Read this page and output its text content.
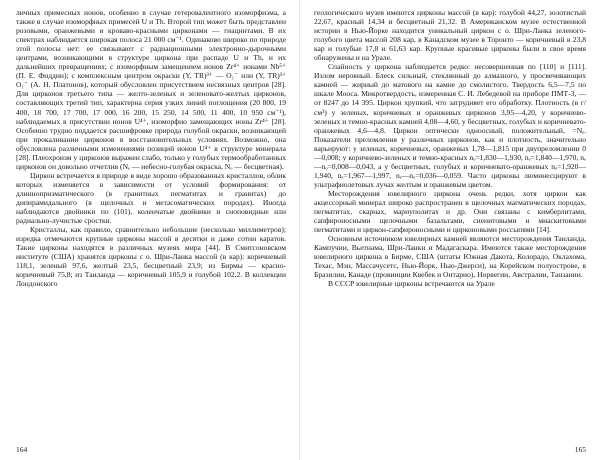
личных примесных ионов, особенно в случае гетеровалентного изоморфизма, а также в случае изоморфных примесей U и Th. Второй тип может быть представлен розовыми, оранжевыми и кроваво-красными цирконами — гиацинтами. В их спектрах наблюдается широкая полоса 21 000 см⁻¹. Одинаково широко по природе этой полосы нет: ее связывают с радиационными электронно-дырочными центрами, возникающими в структуре циркона при распаде U и Th, и их дальнейших превращениях; с изоморфным замещением ионов Zr⁴⁺ ионами Nb⁵⁺ (П. Е. Фиддин); с комплексным центром окраски (Y, TR)³⁺ — O₁⁻ или (Y, TR)³⁺ O₁⁻ (А. Н. Платонов), который обусловлен присутствием несвязных центров [28]. Для цирконов третьего типа — желто-зеленых и зеленовато-желтых цирконов, составляющих третий тип, характерна серия узких линий поглощения (20 800, 19 400, 18 700, 17 700, 17 000, 16 200, 15 250, 14 500, 11 400, 10 950 см⁻¹), наблюдаемых в присутствии ионов U⁴⁺, изоморфно замещающих ионы Zr⁴⁺ [28]. Особенно трудно поддается расшифровке природа голубой окраски, возникающей при прокаливании цирконов в восстановительных условиях. Возможно, она обусловлена различными изменениями позиций ионов U⁴⁺ в структуре минерала [28]. Плеохроизм у цирконов выражен слабо, только у голубых термообработанных цирконов он довольно отчетлив (Nₑ — небесно-голубая окраска, Nₒ — бесцветная).

Циркон встречается в природе в виде хорошо образованных кристаллов, облик которых изменяется в зависимости от условий формирования: от длиннопризматического (в гранитных пегматитах и гранитах) до дипирамидального (в щелочных и метасоматических породах). Иногда наблюдаются двойники по (101), коленчатые двойники и сноповидные или радиально-лучистые сростки.

Кристаллы, как правило, сравнительно небольшие (несколько миллиметров); изредка отмечаются крупные цирконы массой в десятки и даже сотни каратов. Такие цирконы находятся в различных музеях мира [44]. В Смитсоновском институте (США) хранятся цирконы с о. Шри-Ланка массой (в кар): коричневый 118,1, зеленый 97,6, желтый 23,5, бесцветный 23,9; из Бирмы — красно-коричневый 75,8; из Таиланда — коричневый 105,9 и голубой 102,2. В коллекции Лондонского

164

геологического музея имеются цирконы массой (в кар): голубой 44,27, золотистый 22,67, красный 14,34 и бесцветный 21,32. В Американском музее естественной истории в Нью-Йорке находится уникальный циркон с о. Шри-Ланка зеленого-голубого цвета массой 208 кар, в Канадском музее в Торонто — коричневый в 23,8 кар и голубые 17,8 и 61,63 кар. Крупные красивые цирконы были в свое время обнаружены и на Урале.

Спайность у циркона наблюдается редко: несовершенная по [110] и [111]. Излом неровный. Блеск сильный, стеклянный до алмазного, у просвечивающих камней — жирный до матового на камне до смолистого. Твердость 6,5—7,5 по шкале Мооса. Микротвердость, измеренная С. И. Лебедевой на приборе ПМТ-3, — от 8247 до 14 395. Циркон хрупкий, что затрудняет его обработку. Плотность (в г/см³) у зеленых, коричневых и оранжевых цирконов 3,95—4,20, у коричнево-зеленых и темно-красных камней 4,08—4,60, у бесцветных, голубых и коричневато-оранжевых 4,6—4,8. Циркон оптически одноосный, положительный, =Nₑ. Показатели преломления у различных цирконов, как и плотность, значительно варьируют: у зеленых, коричневых, оранжевых 1,78—1,815 при двупреломлении 0—0,008; у коричнево-зеленых и темно-красных nₒ=1,830—1,930, nₑ=1,840—1,970, nₑ—nₒ=0,008—0,043, а у бесцветных, голубых и коричневато-оранжевых nₒ=1,920—1,940, nₑ=1,967—1,997, nₑ—nₒ=0,036—0,059. Часто цирконы люминесцируют в ультрафиолетовых лучах желтым и оранжевым цветом.

Месторождения ювелирного циркона очень редки, хотя циркон как акцессорный минерал широко распространен в щелочных магматических породах, пегматитах, скарнах, мариуполитах и др. Они связаны с кимберлитами, сапфироносными щелочными базальтами, сиенитовыми и миаскитовыми пегматитами и циркон-сапфироносными и цирконовыми россыпями [14].

Основным источником ювелирных камней являются месторождения Таиланда, Кампучии, Вьетнама, Шри-Ланки и Мадагаскара. Имеются также месторождения ювелирного циркона в Бирме, США (штаты Южная Дакота, Колорадо, Оклахома, Техас, Мэн, Массачусетс, Нью-Йорк, Нью-Джерси), на Корейском полуострове, в Бразилии, Канаде (провинции Квебек и Онтарио), Норвегии, Австралии, Танзании.

В СССР ювелирные цирконы встречаются на Урале

165
